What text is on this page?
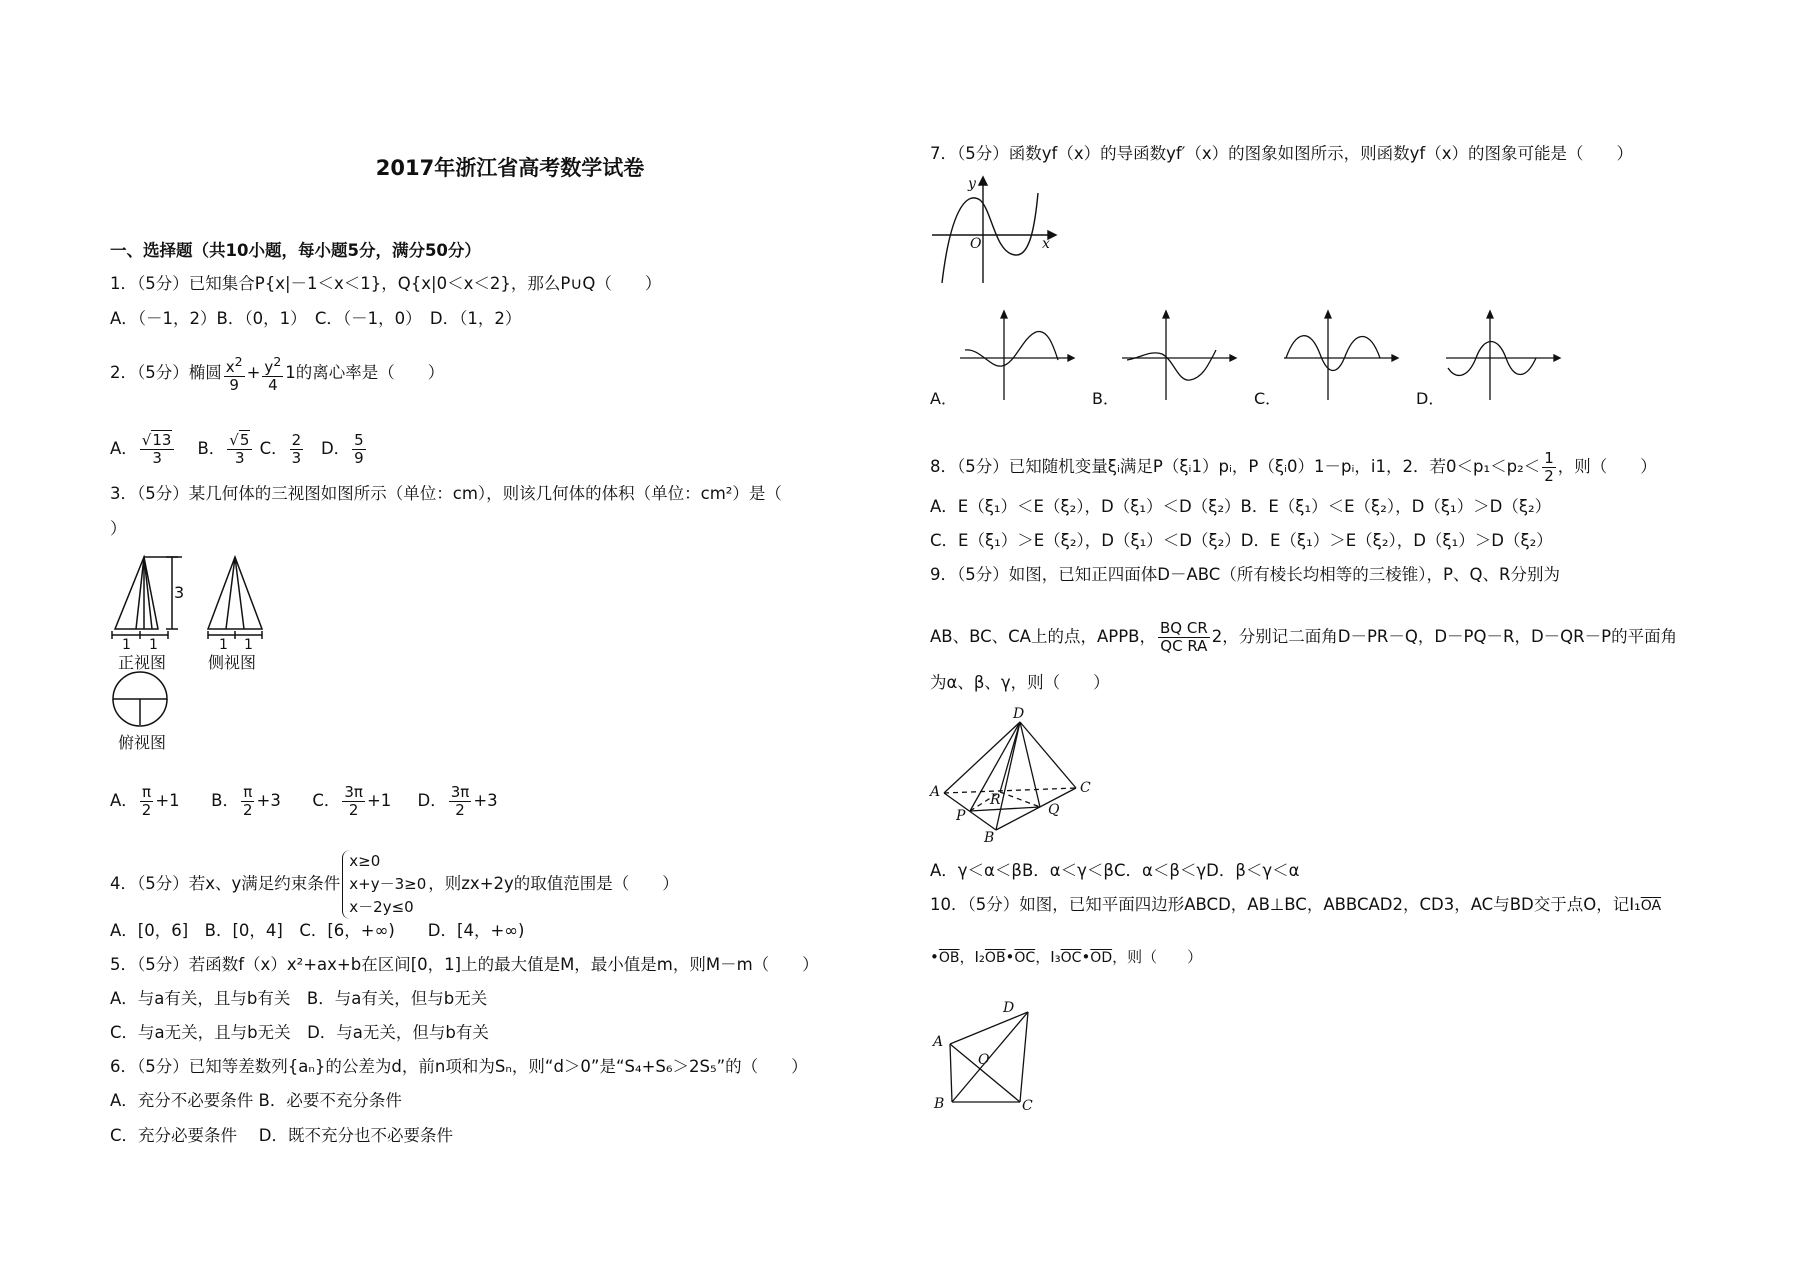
2017年浙江省高考数学试卷
一、选择题（共10小题，每小题5分，满分50分）
1．（5分）已知集合P{x|－1＜x＜1}，Q{x|0＜x＜2}，那么P∪Q（　　）
A．（－1，2）B．（0，1）　C．（－1，0）　D．（1，2）
2．（5分）椭圆 $\frac{x^2}{9} + \frac{y^2}{4} 1$的离心率是（　　）
A． $\frac{√13}{3}$ B． $\frac{√5}{3}$ C． $\frac{2}{3}$ D． $\frac{5}{9}$
3．（5分）某几何体的三视图如图所示（单位：cm），则该几何体的体积（单位：cm²）是（
）
3
1 1	1 1
正视图	侧视图
俯视图
A． $\frac{\pi}{2} +1$ B． $\frac{\pi}{2} +3$ C． $\frac{3\pi}{2} +1$ D． $\frac{3\pi}{2} +3$
4．（5分）若x、y满足约束条件
x≥0
x+y－3≥0
x－2y≤0
，则zx+2y的取值范围是（　　）
A．[0，6]　B．[0，4]　C．[6，+∞)　　D．[4，+∞)
5．（5分）若函数f（x）x²+ax+b在区间[0，1]上的最大值是M，最小值是m，则M－m（　　）
A．与a有关，且与b有关　B．与a有关，但与b无关
C．与a无关，且与b无关　D．与a无关，但与b有关
6．（5分）已知等差数列{aₙ}的公差为d，前n项和为Sₙ，则“d＞0”是“S₄+S₆＞2S₅”的（　　）
A．充分不必要条件 B．必要不充分条件
C．充分必要条件　 D．既不充分也不必要条件
7．（5分）函数yf（x）的导函数yf′（x）的图象如图所示，则函数yf（x）的图象可能是（　　）
y
x
O
A．	B．	C．	D．
8．（5分）已知随机变量ξᵢ满足P（ξᵢ1）pᵢ，P（ξᵢ0）1－pᵢ，i1，2．若$0<p_1<p_2< \frac{1}{2}$ ，则（　　）
A．E（ξ₁）＜E（ξ₂），D（ξ₁）＜D（ξ₂）B．E（ξ₁）＜E（ξ₂），D（ξ₁）＞D（ξ₂）
C．E（ξ₁）＞E（ξ₂），D（ξ₁）＜D（ξ₂）D．E（ξ₁）＞E（ξ₂），D（ξ₁）＞D（ξ₂）
9．（5分）如图，已知正四面体D－ABC（所有棱长均相等的三棱锥），P、Q、R分别为
AB、BC、CA上的点，APPB， $\frac{\text{BQ CR}}{\text{QC RA}} 2$，分别记二面角D－PR－Q，D－PQ－R，D－QR－P的平面角
为α、β、γ，则（　　）
D
A
B
C
P	Q
R
A．γ＜α＜βB．α＜γ＜βC．α＜β＜γD．β＜γ＜α
10．（5分）如图，已知平面四边形ABCD，AB⊥BC，ABBCAD2，CD3，AC与BD交于点O，记$I_1\overline{OA}$
$•\overline{OB}$，$I_2\overline{OB}•\overline{OC}$，$I_3\overline{OC}•\overline{OD}$，则（　　）
A
B	C
D
O
